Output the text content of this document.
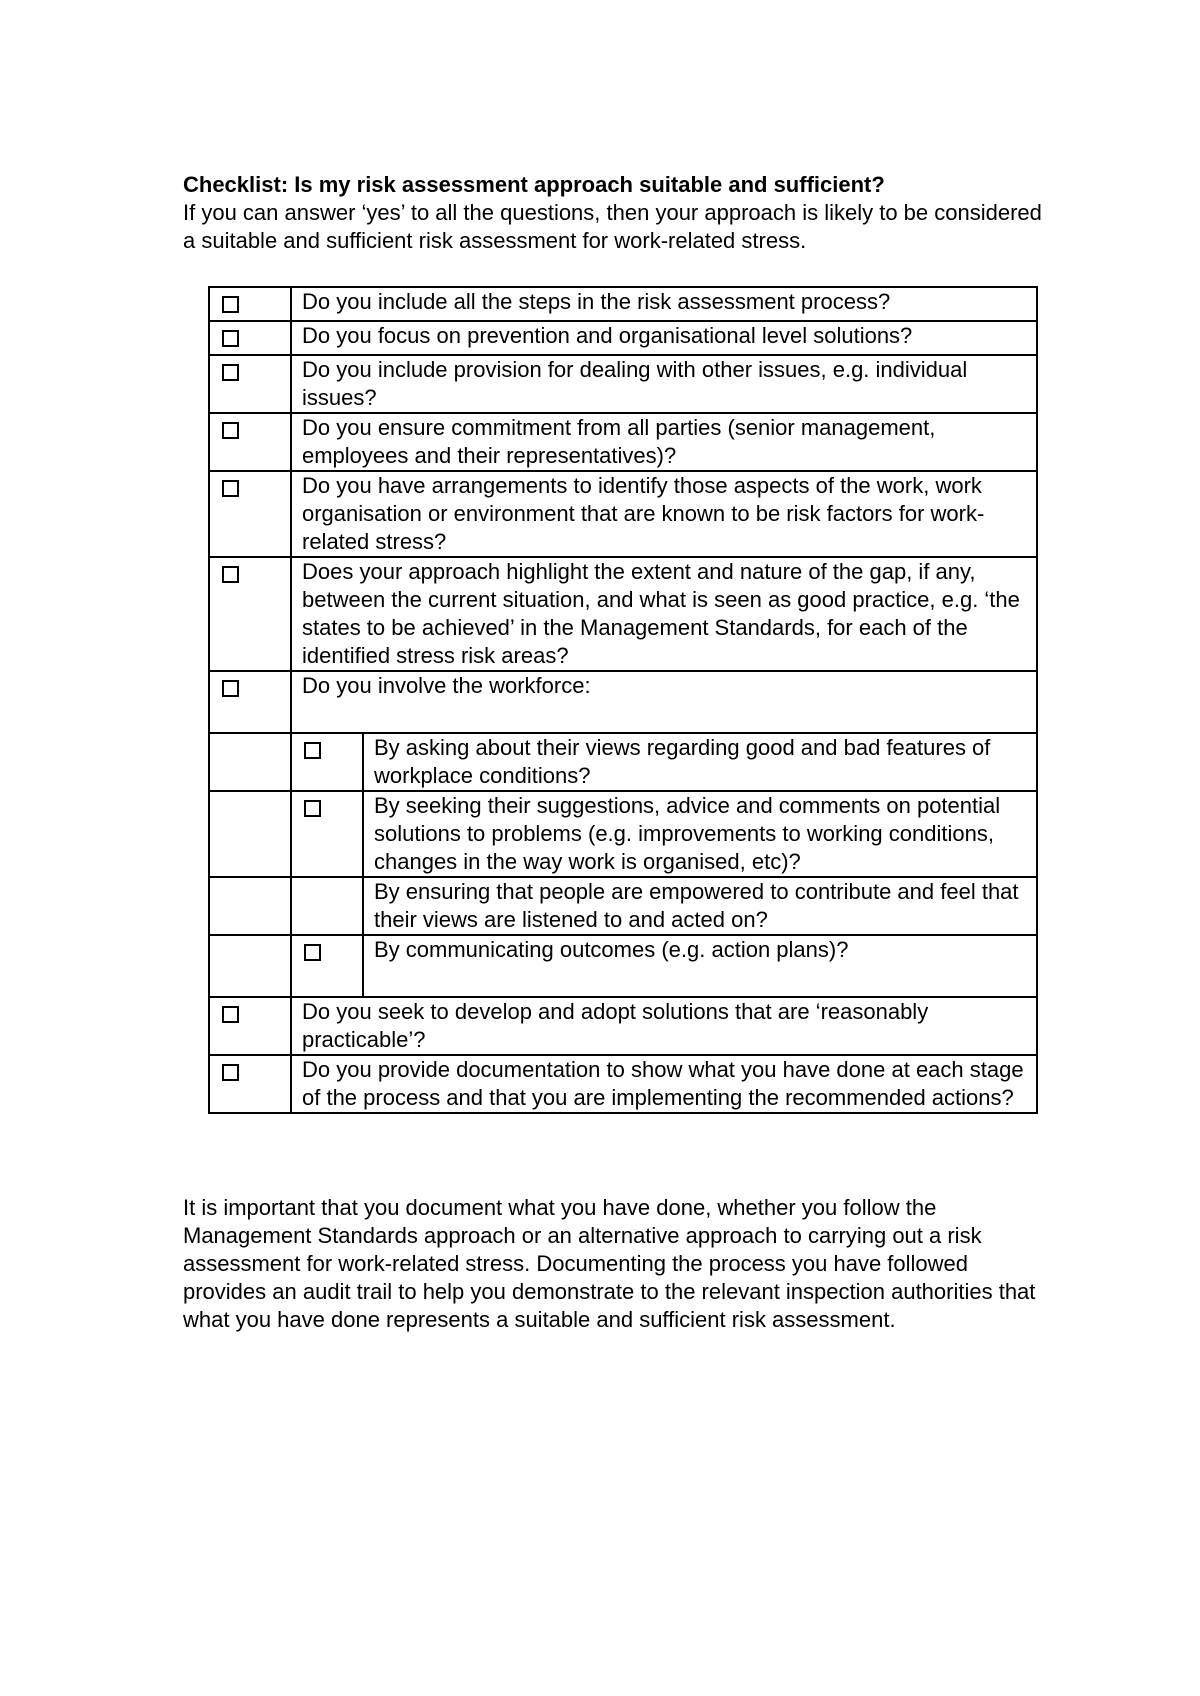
Checklist: Is my risk assessment approach suitable and sufficient?

If you can answer ‘yes’ to all the questions, then your approach is likely to be considered a suitable and sufficient risk assessment for work-related stress.

	Do you include all the steps in the risk assessment process?	
	Do you focus on prevention and organisational level solutions?	
	Do you include provision for dealing with other issues, e.g. individual issues?	
	Do you ensure commitment from all parties (senior management, employees and their representatives)?	
	Do you have arrangements to identify those aspects of the work, work organisation or environment that are known to be risk factors for work-related stress?	
	Does your approach highlight the extent and nature of the gap, if any, between the current situation, and what is seen as good practice, e.g. ‘the states to be achieved’ in the Management Standards, for each of the identified stress risk areas?	
	Do you involve the workforce:	
		By asking about their views regarding good and bad features of workplace conditions?
		By seeking their suggestions, advice and comments on potential solutions to problems (e.g. improvements to working conditions, changes in the way work is organised, etc)?
		By ensuring that people are empowered to contribute and feel that their views are listened to and acted on?
		By communicating outcomes (e.g. action plans)?
	Do you seek to develop and adopt solutions that are ‘reasonably practicable’?	
	Do you provide documentation to show what you have done at each stage of the process and that you are implementing the recommended actions?	

It is important that you document what you have done, whether you follow the Management Standards approach or an alternative approach to carrying out a risk assessment for work-related stress. Documenting the process you have followed provides an audit trail to help you demonstrate to the relevant inspection authorities that what you have done represents a suitable and sufficient risk assessment.
